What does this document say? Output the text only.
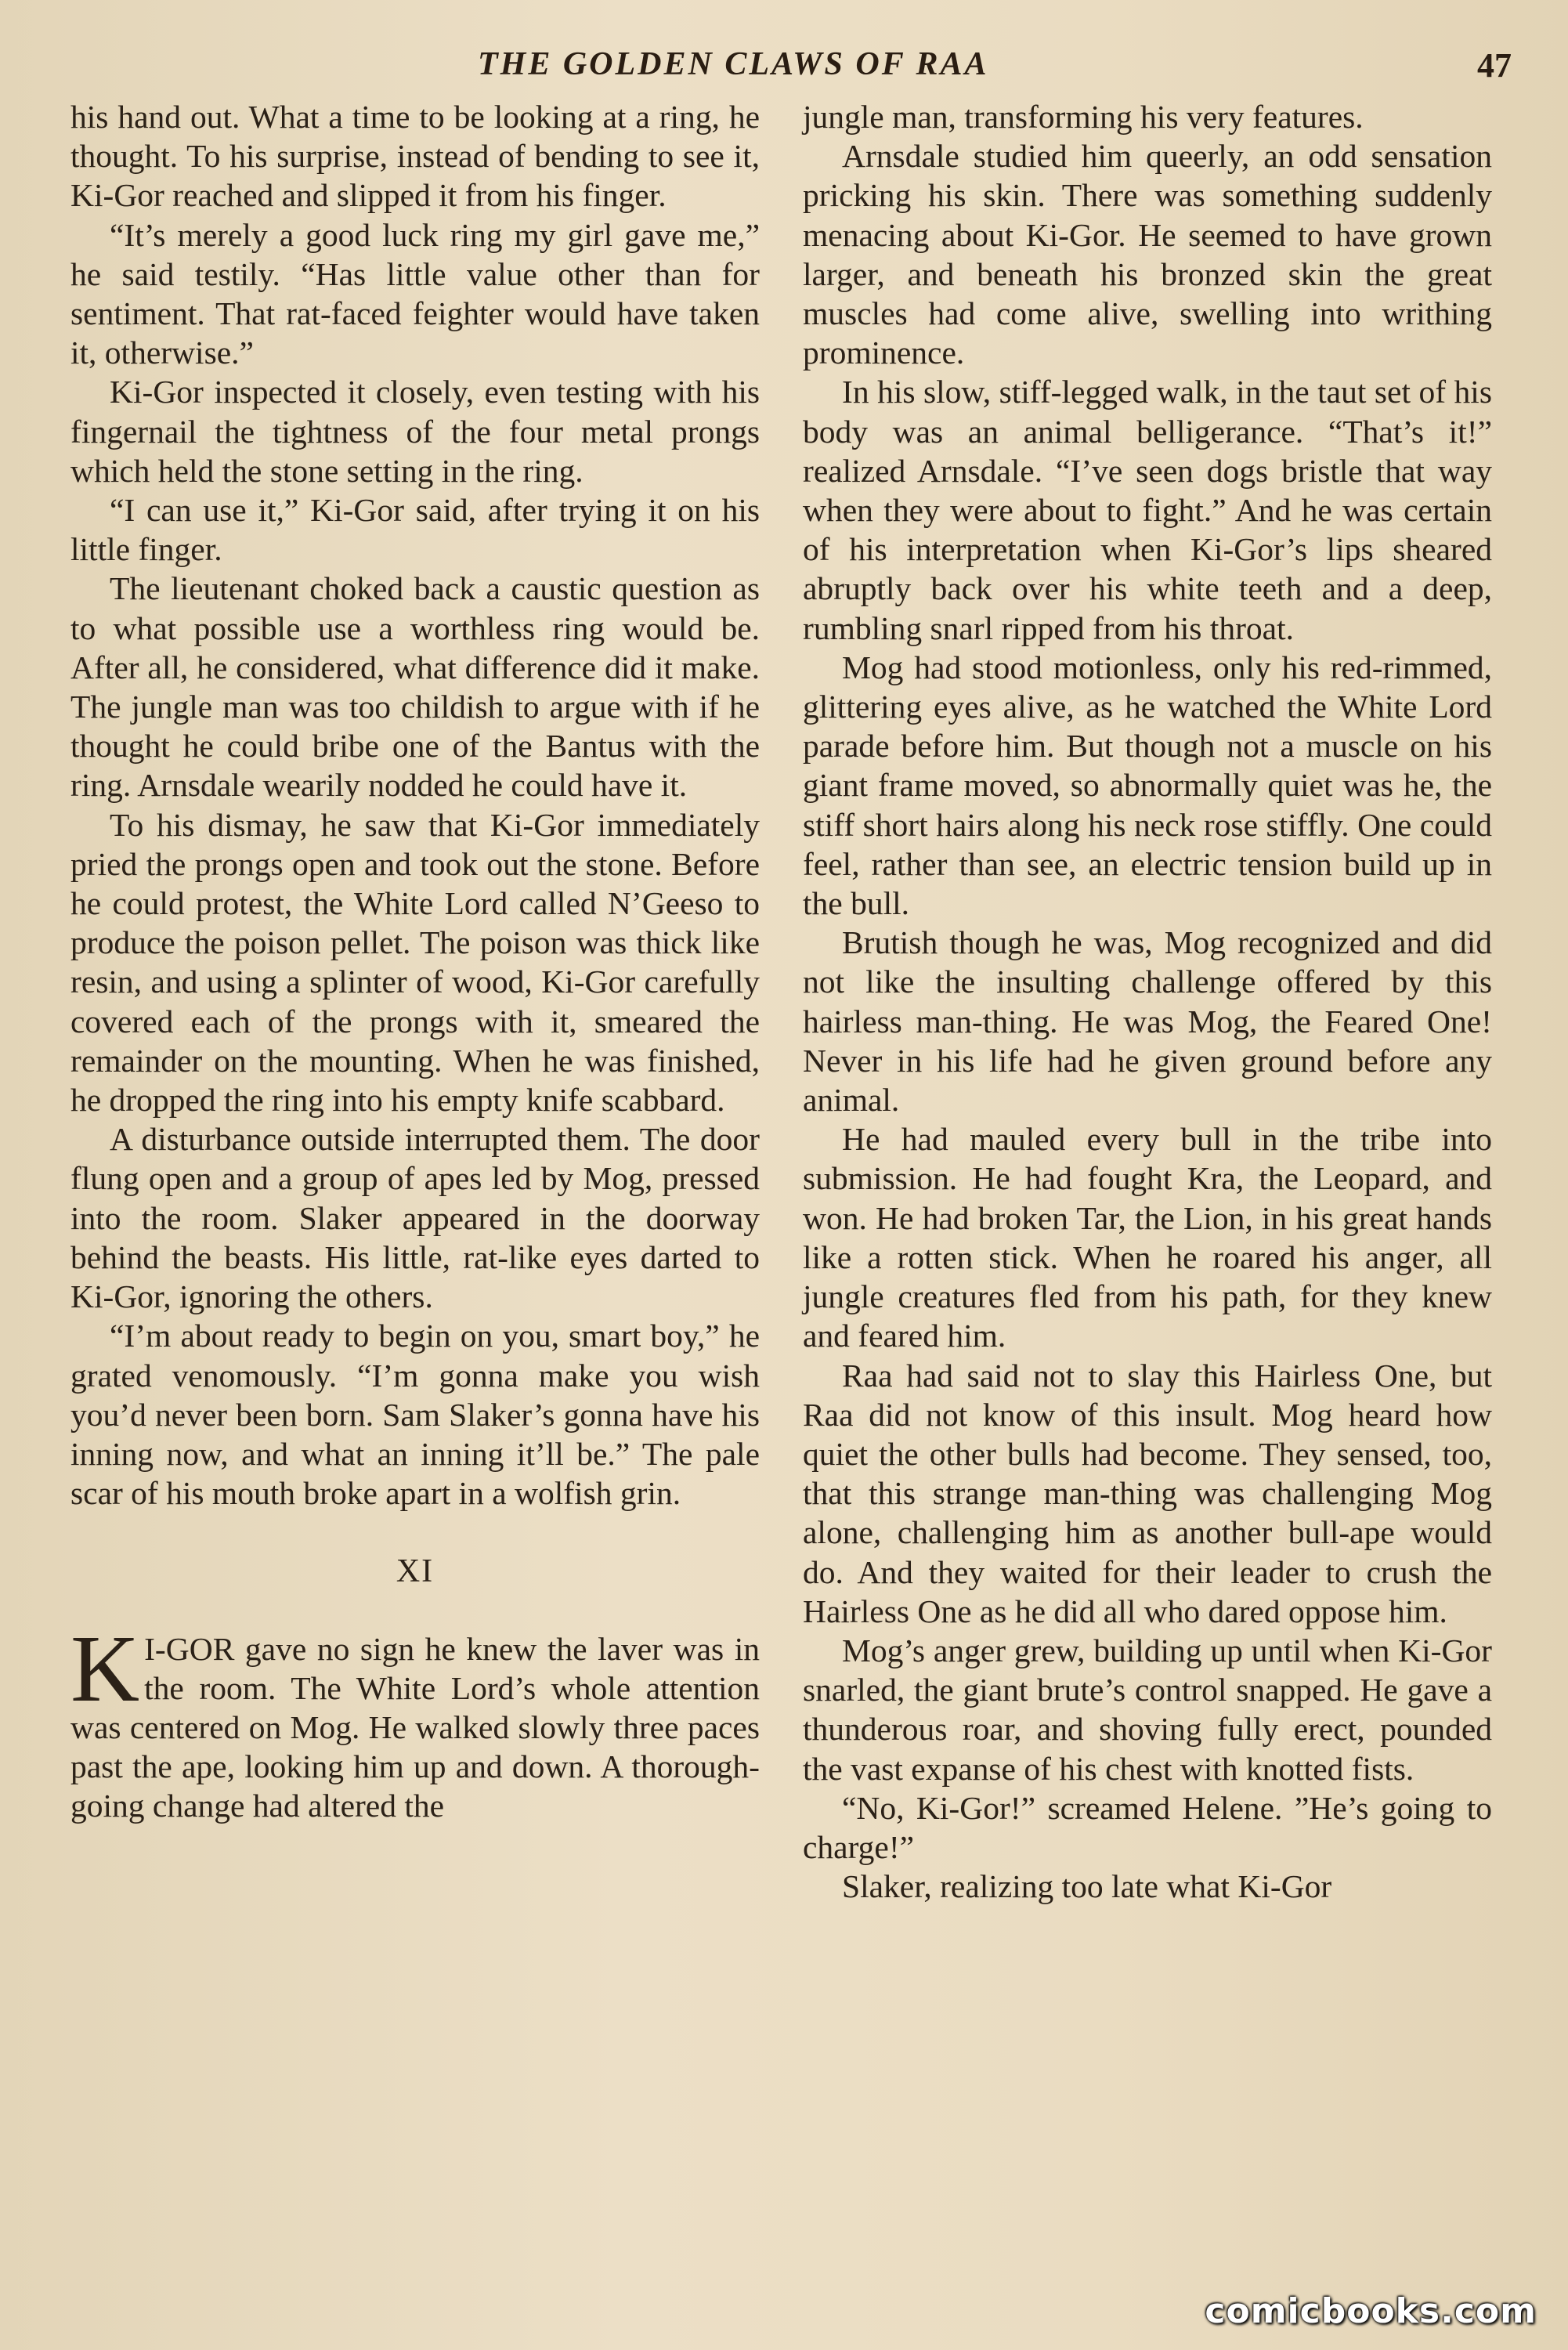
THE GOLDEN CLAWS OF RAA	47

his hand out. What a time to be looking at a ring, he thought. To his surprise, instead of bending to see it, Ki-Gor reached and slipped it from his finger.

“It’s merely a good luck ring my girl gave me,” he said testily. “Has little value other than for sentiment. That rat-faced feighter would have taken it, otherwise.”

Ki-Gor inspected it closely, even testing with his fingernail the tightness of the four metal prongs which held the stone setting in the ring.

“I can use it,” Ki-Gor said, after trying it on his little finger.

The lieutenant choked back a caustic question as to what possible use a worthless ring would be. After all, he considered, what difference did it make. The jungle man was too childish to argue with if he thought he could bribe one of the Bantus with the ring. Arnsdale wearily nodded he could have it.

To his dismay, he saw that Ki-Gor immediately pried the prongs open and took out the stone. Before he could protest, the White Lord called N’Geeso to produce the poison pellet. The poison was thick like resin, and using a splinter of wood, Ki-Gor carefully covered each of the prongs with it, smeared the remainder on the mounting. When he was finished, he dropped the ring into his empty knife scabbard.

A disturbance outside interrupted them. The door flung open and a group of apes led by Mog, pressed into the room. Slaker appeared in the doorway behind the beasts. His little, rat-like eyes darted to Ki-Gor, ignoring the others.

“I’m about ready to begin on you, smart boy,” he grated venomously. “I’m gonna make you wish you’d never been born. Sam Slaker’s gonna have his inning now, and what an inning it’ll be.” The pale scar of his mouth broke apart in a wolfish grin.

XI

K I-GOR gave no sign he knew the laver was in the room. The White Lord’s whole attention was centered on Mog. He walked slowly three paces past the ape, looking him up and down. A thorough-going change had altered the

jungle man, transforming his very features.

Arnsdale studied him queerly, an odd sensation pricking his skin. There was something suddenly menacing about Ki-Gor. He seemed to have grown larger, and beneath his bronzed skin the great muscles had come alive, swelling into writhing prominence.

In his slow, stiff-legged walk, in the taut set of his body was an animal belligerance. “That’s it!” realized Arnsdale. “I’ve seen dogs bristle that way when they were about to fight.” And he was certain of his interpretation when Ki-Gor’s lips sheared abruptly back over his white teeth and a deep, rumbling snarl ripped from his throat.

Mog had stood motionless, only his red-rimmed, glittering eyes alive, as he watched the White Lord parade before him. But though not a muscle on his giant frame moved, so abnormally quiet was he, the stiff short hairs along his neck rose stiffly. One could feel, rather than see, an electric tension build up in the bull.

Brutish though he was, Mog recognized and did not like the insulting challenge offered by this hairless man-thing. He was Mog, the Feared One! Never in his life had he given ground before any animal.

He had mauled every bull in the tribe into submission. He had fought Kra, the Leopard, and won. He had broken Tar, the Lion, in his great hands like a rotten stick. When he roared his anger, all jungle creatures fled from his path, for they knew and feared him.

Raa had said not to slay this Hairless One, but Raa did not know of this insult. Mog heard how quiet the other bulls had become. They sensed, too, that this strange man-thing was challenging Mog alone, challenging him as another bull-ape would do. And they waited for their leader to crush the Hairless One as he did all who dared oppose him.

Mog’s anger grew, building up until when Ki-Gor snarled, the giant brute’s control snapped. He gave a thunderous roar, and shoving fully erect, pounded the vast expanse of his chest with knotted fists.

“No, Ki-Gor!” screamed Helene. ”He’s going to charge!”

Slaker, realizing too late what Ki-Gor

comicbooks.com
